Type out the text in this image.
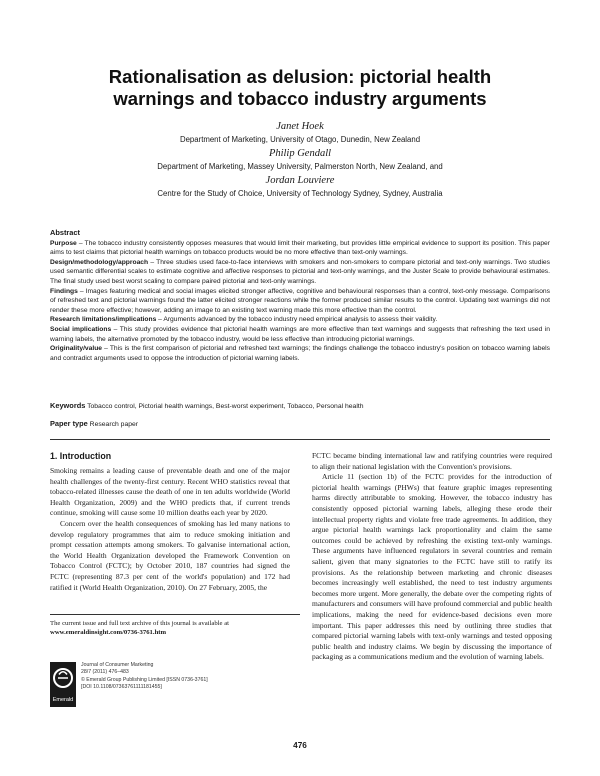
Rationalisation as delusion: pictorial health
warnings and tobacco industry arguments
Janet Hoek
Department of Marketing, University of Otago, Dunedin, New Zealand
Philip Gendall
Department of Marketing, Massey University, Palmerston North, New Zealand, and
Jordan Louviere
Centre for the Study of Choice, University of Technology Sydney, Sydney, Australia
Abstract

Purpose – The tobacco industry consistently opposes measures that would limit their marketing, but provides little empirical evidence to support its position. This paper aims to test claims that pictorial health warnings on tobacco products would be no more effective than text-only warnings.

Design/methodology/approach – Three studies used face-to-face interviews with smokers and non-smokers to compare pictorial and text-only warnings. Two studies used semantic differential scales to estimate cognitive and affective responses to pictorial and text-only warnings, and the Juster Scale to provide behavioural estimates. The final study used best worst scaling to compare paired pictorial and text-only warnings.

Findings – Images featuring medical and social images elicited stronger affective, cognitive and behavioural responses than a control, text-only message. Comparisons of refreshed text and pictorial warnings found the latter elicited stronger reactions while the former produced similar results to the control. Updating text warnings did not render these more effective; however, adding an image to an existing text warning made this more effective than the control.

Research limitations/implications – Arguments advanced by the tobacco industry need empirical analysis to assess their validity.

Social implications – This study provides evidence that pictorial health warnings are more effective than text warnings and suggests that refreshing the text used in warning labels, the alternative promoted by the tobacco industry, would be less effective than introducing pictorial warnings.

Originality/value – This is the first comparison of pictorial and refreshed text warnings; the findings challenge the tobacco industry's position on tobacco warning labels and contradict arguments used to oppose the introduction of pictorial warning labels.

Keywords Tobacco control, Pictorial health warnings, Best-worst experiment, Tobacco, Personal health
Paper type Research paper
1. Introduction

Smoking remains a leading cause of preventable death and one of the major health challenges of the twenty-first century. Recent WHO statistics reveal that tobacco-related illnesses cause the death of one in ten adults worldwide (World Health Organization, 2009) and the WHO predicts that, if current trends continue, smoking will cause some 10 million deaths each year by 2020.

Concern over the health consequences of smoking has led many nations to develop regulatory programmes that aim to reduce smoking initiation and prompt cessation attempts among smokers. To galvanise international action, the World Health Organization developed the Framework Convention on Tobacco Control (FCTC); by October 2010, 187 countries had signed the FCTC (representing 87.3 per cent of the world's population) and 172 had ratified it (World Health Organization, 2010). On 27 February, 2005, the

FCTC became binding international law and ratifying countries were required to align their national legislation with the Convention's provisions.

Article 11 (section 1b) of the FCTC provides for the introduction of pictorial health warnings (PHWs) that feature graphic images representing harms directly attributable to smoking. However, the tobacco industry has consistently opposed pictorial warning labels, alleging these erode their intellectual property rights and violate free trade agreements. In addition, they argue pictorial health warnings lack proportionality and claim the same outcomes could be achieved by refreshing the existing text-only warnings. These arguments have influenced regulators in several countries and remain salient, given that many signatories to the FCTC have still to ratify its provisions. As the relationship between marketing and chronic diseases becomes increasingly well established, the need to test industry arguments becomes more urgent. More generally, the debate over the competing rights of manufacturers and consumers will have profound commercial and public health implications, making the need for evidence-based decisions even more important. This paper addresses this need by outlining three studies that compared pictorial warning labels with text-only warnings and tested opposing public health and industry claims. We begin by discussing the importance of packaging as a communications medium and the evolution of warning labels.

The current issue and full text archive of this journal is available at
www.emeraldinsight.com/0736-3761.htm
Emerald
Journal of Consumer Marketing
28/7 (2011) 476–483
© Emerald Group Publishing Limited [ISSN 0736-3761]
[DOI 10.1108/07363761111181455]
476
